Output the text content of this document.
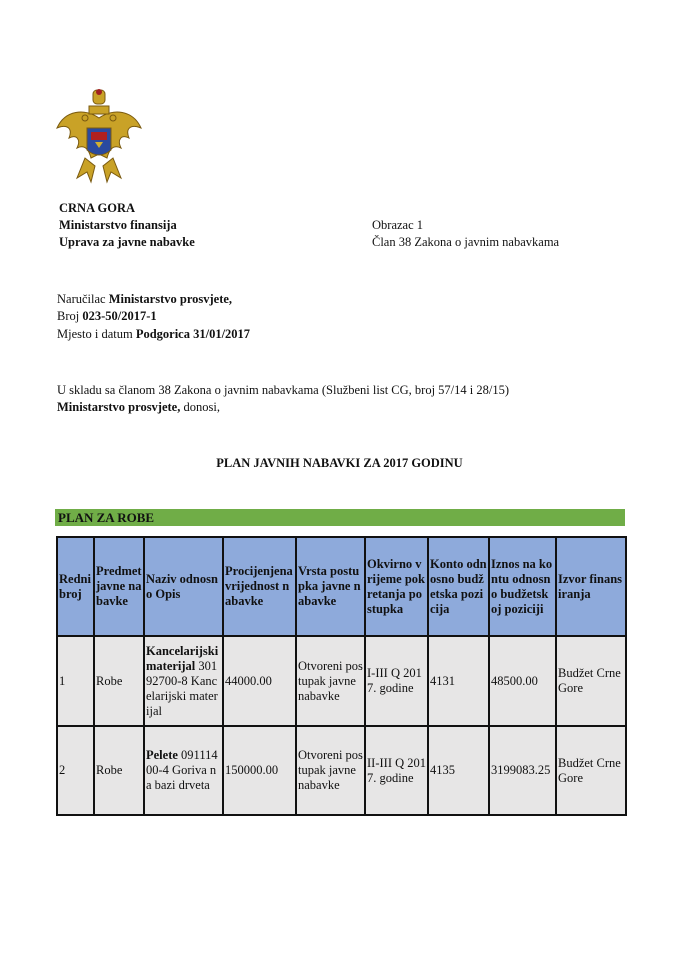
CRNA GORA
Ministarstvo finansija
Uprava za javne nabavke
Obrazac 1
Član 38 Zakona o javnim nabavkama
Naručilac Ministarstvo prosvjete,
Broj 023-50/2017-1
Mjesto i datum Podgorica 31/01/2017
U skladu sa članom 38 Zakona o javnim nabavkama (Službeni list CG, broj 57/14 i 28/15)
Ministarstvo prosvjete, donosi,
PLAN JAVNIH NABAVKI ZA 2017 GODINU
PLAN ZA ROBE
Redni broj	Predmet javne nabavke	Naziv odnosno Opis	Procijenjena vrijednost nabavke	Vrsta postupka javne nabavke	Okvirno vrijeme pokretanja postupka	Konto odnosno budžetska pozicija	Iznos na kontu odnosno budžetskoj poziciji	Izvor finansiranja
1	Robe	Kancelarijski materijal 30192700-8 Kancelarijski materijal	44000.00	Otvoreni postupak javne nabavke	I-III Q 2017. godine	4131	48500.00	Budžet Crne Gore
2	Robe	Pelete 09111400-4 Goriva na bazi drveta	150000.00	Otvoreni postupak javne nabavke	II-III Q 2017. godine	4135	3199083.25	Budžet Crne Gore
